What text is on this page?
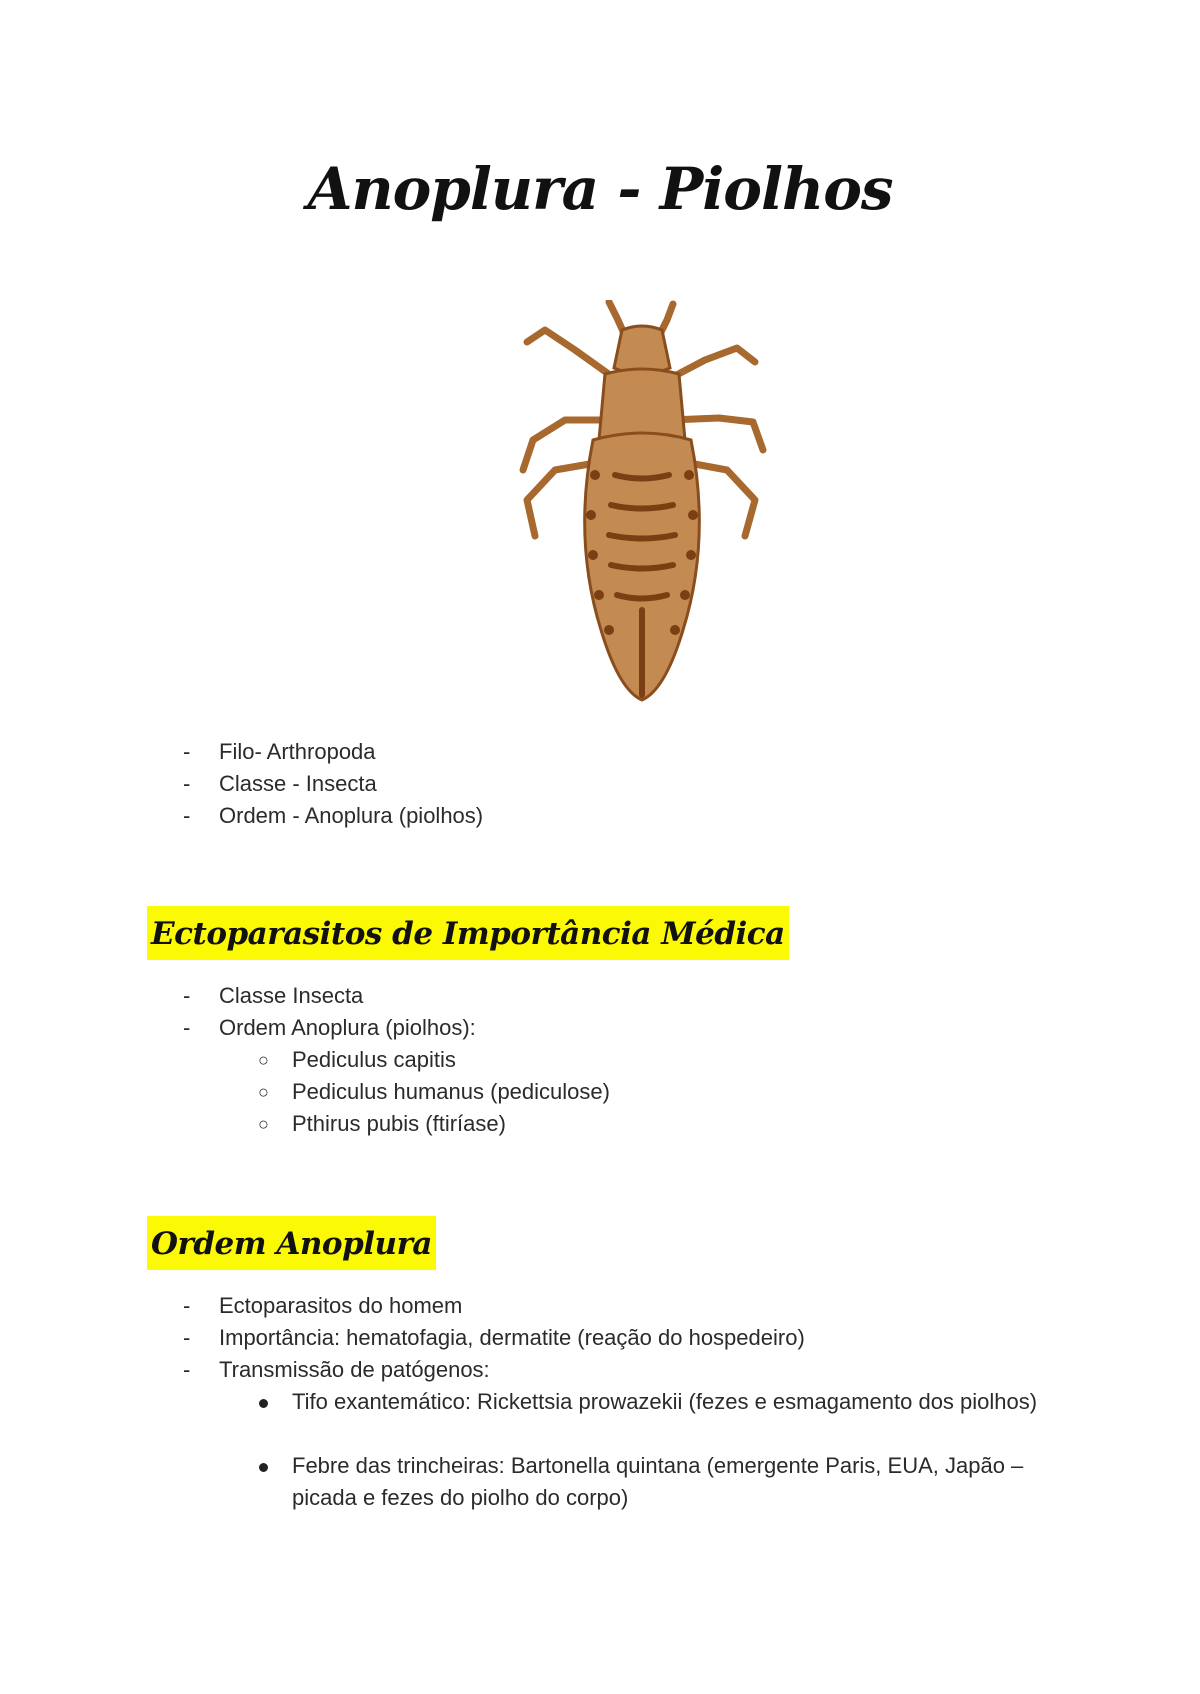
Anoplura - Piolhos
-	Filo- Arthropoda
-	Classe - Insecta
-	Ordem - Anoplura (piolhos)
Ectoparasitos de Importância Médica
-	Classe Insecta
-	Ordem Anoplura (piolhos):
○	Pediculus capitis
○	Pediculus humanus (pediculose)
○	Pthirus pubis (ftiríase)
Ordem Anoplura
-	Ectoparasitos do homem
-	Importância: hematofagia, dermatite (reação do hospedeiro)
-	Transmissão de patógenos:
Tifo exantemático: Rickettsia prowazekii (fezes e esmagamento dos piolhos)
Febre das trincheiras: Bartonella quintana (emergente Paris, EUA, Japão – picada e fezes do piolho do corpo)
